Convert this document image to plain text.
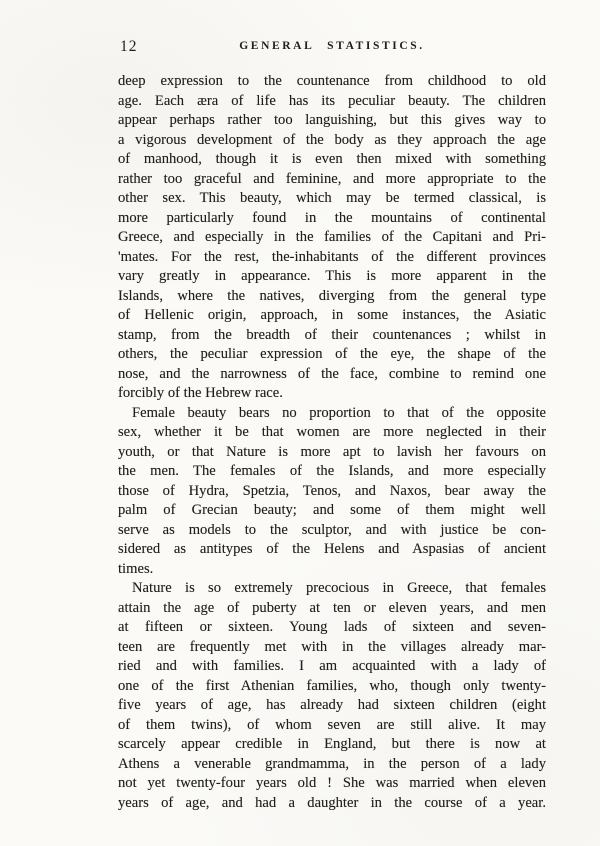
12	GENERAL STATISTICS.
deep expression to the countenance from childhood to old
age. Each æra of life has its peculiar beauty. The children
appear perhaps rather too languishing, but this gives way to
a vigorous development of the body as they approach the age
of manhood, though it is even then mixed with something
rather too graceful and feminine, and more appropriate to the
other sex. This beauty, which may be termed classical, is
more particularly found in the mountains of continental
Greece, and especially in the families of the Capitani and Pri-
'mates. For the rest, the-inhabitants of the different provinces
vary greatly in appearance. This is more apparent in the
Islands, where the natives, diverging from the general type
of Hellenic origin, approach, in some instances, the Asiatic
stamp, from the breadth of their countenances ; whilst in
others, the peculiar expression of the eye, the shape of the
nose, and the narrowness of the face, combine to remind one
forcibly of the Hebrew race.
Female beauty bears no proportion to that of the opposite
sex, whether it be that women are more neglected in their
youth, or that Nature is more apt to lavish her favours on
the men. The females of the Islands, and more especially
those of Hydra, Spetzia, Tenos, and Naxos, bear away the
palm of Grecian beauty; and some of them might well
serve as models to the sculptor, and with justice be con-
sidered as antitypes of the Helens and Aspasias of ancient
times.
Nature is so extremely precocious in Greece, that females
attain the age of puberty at ten or eleven years, and men
at fifteen or sixteen. Young lads of sixteen and seven-
teen are frequently met with in the villages already mar-
ried and with families. I am acquainted with a lady of
one of the first Athenian families, who, though only twenty-
five years of age, has already had sixteen children (eight
of them twins), of whom seven are still alive. It may
scarcely appear credible in England, but there is now at
Athens a venerable grandmamma, in the person of a lady
not yet twenty-four years old ! She was married when eleven
years of age, and had a daughter in the course of a year.
